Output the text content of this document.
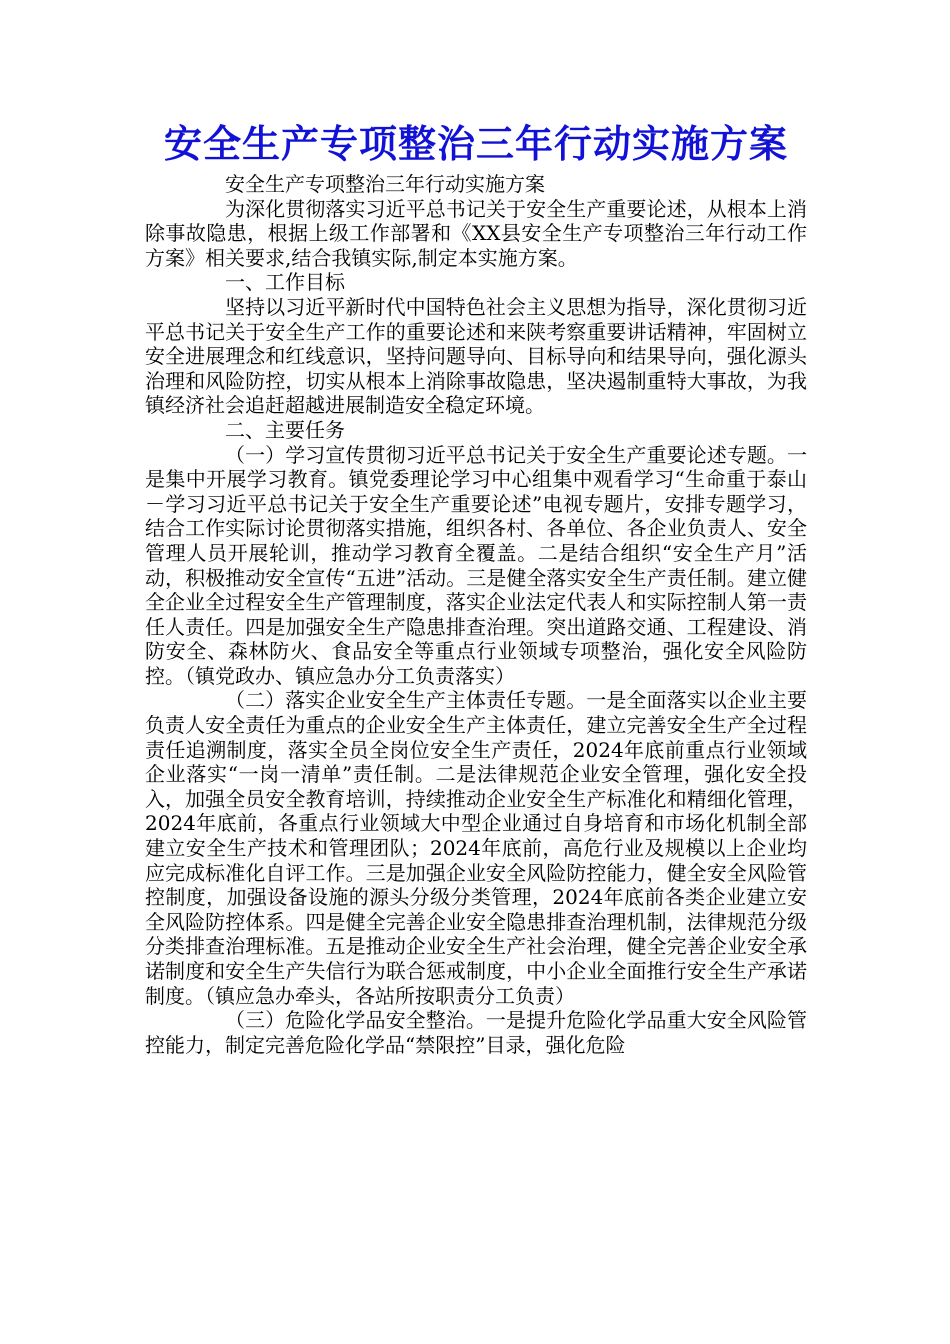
安全生产专项整治三年行动实施方案

安全生产专项整治三年行动实施方案

为深化贯彻落实习近平总书记关于安全生产重要论述，从根本上消除事故隐患，根据上级工作部署和《XX县安全生产专项整治三年行动工作方案》相关要求,结合我镇实际,制定本实施方案。

一、工作目标

坚持以习近平新时代中国特色社会主义思想为指导，深化贯彻习近平总书记关于安全生产工作的重要论述和来陕考察重要讲话精神，牢固树立安全进展理念和红线意识，坚持问题导向、目标导向和结果导向，强化源头治理和风险防控，切实从根本上消除事故隐患，坚决遏制重特大事故，为我镇经济社会追赶超越进展制造安全稳定环境。

二、主要任务

（一）学习宣传贯彻习近平总书记关于安全生产重要论述专题。一是集中开展学习教育。镇党委理论学习中心组集中观看学习“生命重于泰山－学习习近平总书记关于安全生产重要论述”电视专题片，安排专题学习，结合工作实际讨论贯彻落实措施，组织各村、各单位、各企业负责人、安全管理人员开展轮训，推动学习教育全覆盖。二是结合组织“安全生产月”活动，积极推动安全宣传“五进”活动。三是健全落实安全生产责任制。建立健全企业全过程安全生产管理制度，落实企业法定代表人和实际控制人第一责任人责任。四是加强安全生产隐患排查治理。突出道路交通、工程建设、消防安全、森林防火、食品安全等重点行业领域专项整治，强化安全风险防控。（镇党政办、镇应急办分工负责落实）

（二）落实企业安全生产主体责任专题。一是全面落实以企业主要负责人安全责任为重点的企业安全生产主体责任，建立完善安全生产全过程责任追溯制度，落实全员全岗位安全生产责任，2024年底前重点行业领域企业落实“一岗一清单”责任制。二是法律规范企业安全管理，强化安全投入，加强全员安全教育培训，持续推动企业安全生产标准化和精细化管理，2024年底前，各重点行业领域大中型企业通过自身培育和市场化机制全部建立安全生产技术和管理团队；2024年底前，高危行业及规模以上企业均应完成标准化自评工作。三是加强企业安全风险防控能力，健全安全风险管控制度，加强设备设施的源头分级分类管理，2024年底前各类企业建立安全风险防控体系。四是健全完善企业安全隐患排查治理机制，法律规范分级分类排查治理标准。五是推动企业安全生产社会治理，健全完善企业安全承诺制度和安全生产失信行为联合惩戒制度，中小企业全面推行安全生产承诺制度。（镇应急办牵头，各站所按职责分工负责）

（三）危险化学品安全整治。一是提升危险化学品重大安全风险管控能力，制定完善危险化学品“禁限控”目录，强化危险
